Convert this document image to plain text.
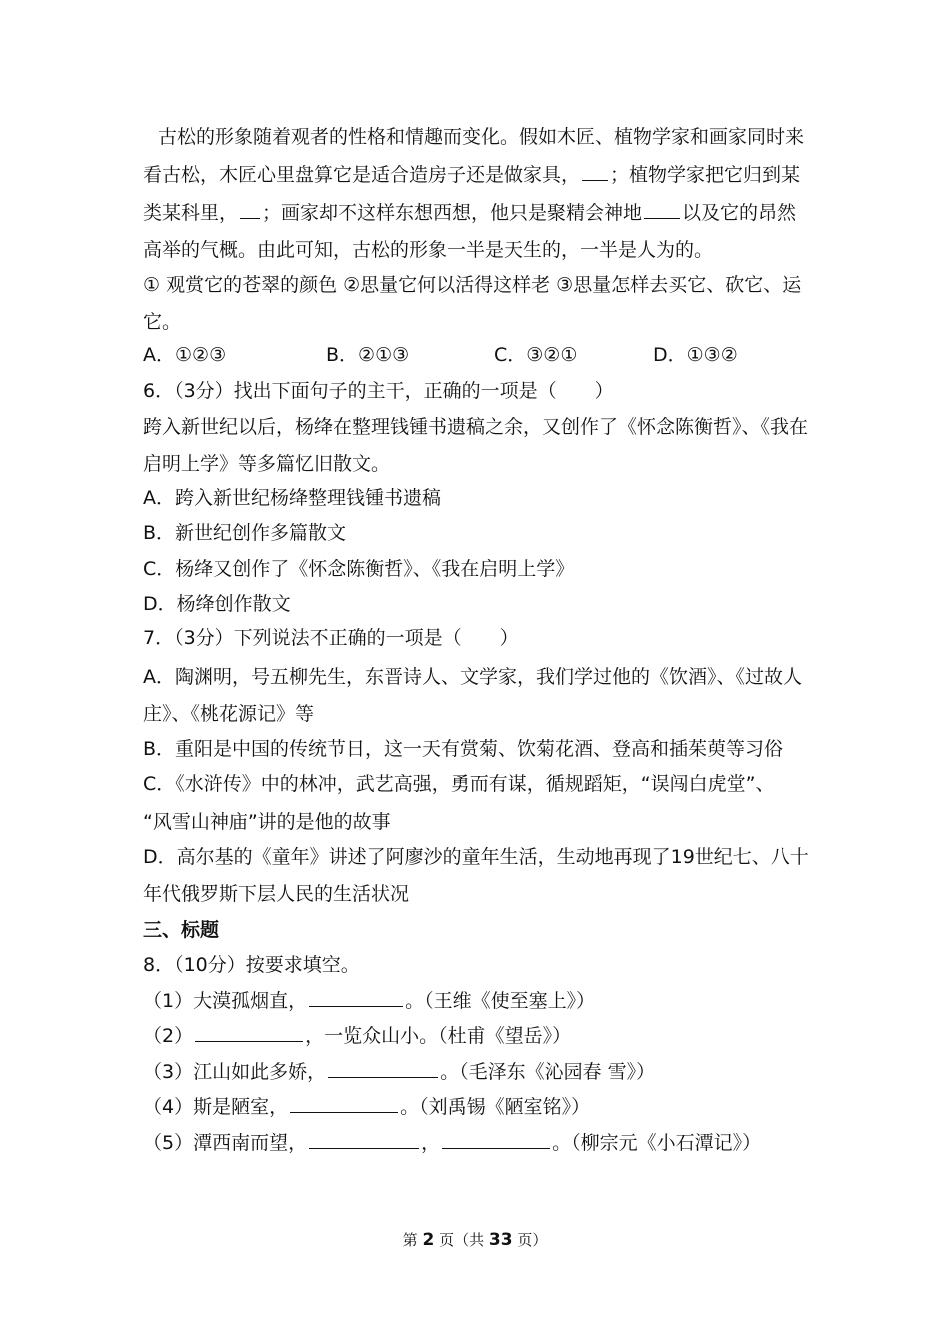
古松的形象随着观者的性格和情趣而变化。假如木匠、植物学家和画家同时来
看古松，木匠心里盘算它是适合造房子还是做家具， ；植物学家把它归到某
类某科里， ；画家却不这样东想西想，他只是聚精会神地 以及它的昂然
高举的气概。由此可知，古松的形象一半是天生的，一半是人为的。
① 观赏它的苍翠的颜色 ②思量它何以活得这样老 ③思量怎样去买它、砍它、运
它。
A．①②③	B．②①③	C．③②①	D．①③②
6．（3分）找出下面句子的主干，正确的一项是（　　）
跨入新世纪以后，杨绛在整理钱锺书遗稿之余，又创作了《怀念陈衡哲》、《我在
启明上学》等多篇忆旧散文。
A．跨入新世纪杨绛整理钱锺书遗稿
B．新世纪创作多篇散文
C．杨绛又创作了《怀念陈衡哲》、《我在启明上学》
D．杨绛创作散文
7．（3分）下列说法不正确的一项是（　　）
A．陶渊明，号五柳先生，东晋诗人、文学家，我们学过他的《饮酒》、《过故人
庄》、《桃花源记》等
B．重阳是中国的传统节日，这一天有赏菊、饮菊花酒、登高和插茱萸等习俗
C．《水浒传》中的林冲，武艺高强，勇而有谋，循规蹈矩，“误闯白虎堂”、
“风雪山神庙”讲的是他的故事
D．高尔基的《童年》讲述了阿廖沙的童年生活，生动地再现了19世纪七、八十
年代俄罗斯下层人民的生活状况
三、标题
8．（10分）按要求填空。
（1）大漠孤烟直，	。（王维《使至塞上》）
（2）	，一览众山小。（杜甫《望岳》）
（3）江山如此多娇，	。（毛泽东《沁园春 雪》）
（4）斯是陋室，	。（刘禹锡《陋室铭》）
（5）潭西南而望，	，	。（柳宗元《小石潭记》）
第 2 页（共 33 页）
